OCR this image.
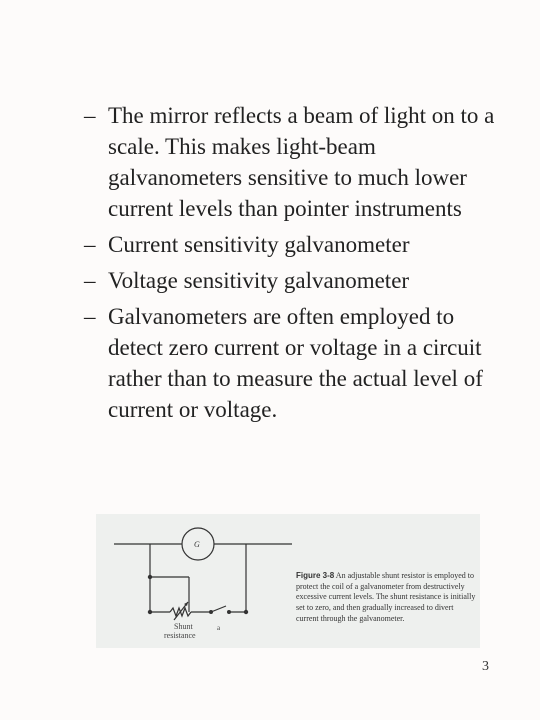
– The mirror reflects a beam of light on to a scale. This makes light-beam galvanometers sensitive to much lower current levels than pointer instruments
– Current sensitivity galvanometer
– Voltage sensitivity galvanometer
– Galvanometers are often employed to detect zero current or voltage in a circuit rather than to measure the actual level of current or voltage.
G
Shunt
resistance
a
Figure 3-8 An adjustable shunt resistor is employed to protect the coil of a galvanometer from destructively excessive current levels. The shunt resistance is initially set to zero, and then gradually increased to divert current through the galvanometer.
3
